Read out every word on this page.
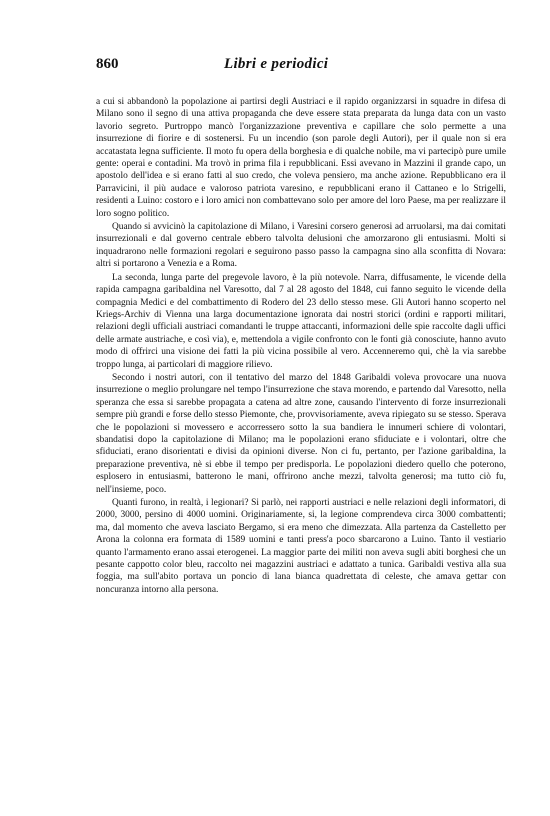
860	Libri e periodici

a cui si abbandonò la popolazione ai partirsi degli Austriaci e il rapido organizzarsi in squadre in difesa di Milano sono il segno di una attiva propaganda che deve essere stata preparata da lunga data con un vasto lavorio segreto. Purtroppo mancò l'organizzazione preventiva e capillare che solo permette a una insurrezione di fiorire e di sostenersi. Fu un incendio (son parole degli Autori), per il quale non si era accatastata legna sufficiente. Il moto fu opera della borghesia e di qualche nobile, ma vi partecipò pure umile gente: operai e contadini. Ma trovò in prima fila i repubblicani. Essi avevano in Mazzini il grande capo, un apostolo dell'idea e si erano fatti al suo credo, che voleva pensiero, ma anche azione. Repubblicano era il Parravicini, il più audace e valoroso patriota varesino, e repubblicani erano il Cattaneo e lo Strigelli, residenti a Luino: costoro e i loro amici non combattevano solo per amore del loro Paese, ma per realizzare il loro sogno politico.

Quando si avvicinò la capitolazione di Milano, i Varesini corsero generosi ad arruolarsi, ma dai comitati insurrezionali e dal governo centrale ebbero talvolta delusioni che amorzarono gli entusiasmi. Molti si inquadrarono nelle formazioni regolari e seguirono passo passo la campagna sino alla sconfitta di Novara: altri si portarono a Venezia e a Roma.

La seconda, lunga parte del pregevole lavoro, è la più notevole. Narra, diffusamente, le vicende della rapida campagna garibaldina nel Varesotto, dal 7 al 28 agosto del 1848, cui fanno seguito le vicende della compagnia Medici e del combattimento di Rodero del 23 dello stesso mese. Gli Autori hanno scoperto nel Kriegs-Archiv di Vienna una larga documentazione ignorata dai nostri storici (ordini e rapporti militari, relazioni degli ufficiali austriaci comandanti le truppe attaccanti, informazioni delle spie raccolte dagli uffici delle armate austriache, e così via), e, mettendola a vigile confronto con le fonti già conosciute, hanno avuto modo di offrirci una visione dei fatti la più vicina possibile al vero. Accenneremo qui, chè la via sarebbe troppo lunga, ai particolari di maggiore rilievo.

Secondo i nostri autori, con il tentativo del marzo del 1848 Garibaldi voleva provocare una nuova insurrezione o meglio prolungare nel tempo l'insurrezione che stava morendo, e partendo dal Varesotto, nella speranza che essa si sarebbe propagata a catena ad altre zone, causando l'intervento di forze insurrezionali sempre più grandi e forse dello stesso Piemonte, che, provvisoriamente, aveva ripiegato su se stesso. Sperava che le popolazioni si movessero e accorressero sotto la sua bandiera le innumeri schiere di volontari, sbandatisi dopo la capitolazione di Milano; ma le popolazioni erano sfiduciate e i volontari, oltre che sfiduciati, erano disorientati e divisi da opinioni diverse. Non ci fu, pertanto, per l'azione garibaldina, la preparazione preventiva, nè si ebbe il tempo per predisporla. Le popolazioni diedero quello che poterono, esplosero in entusiasmi, batterono le mani, offrirono anche mezzi, talvolta generosi; ma tutto ciò fu, nell'insieme, poco.

Quanti furono, in realtà, i legionari? Si parlò, nei rapporti austriaci e nelle relazioni degli informatori, di 2000, 3000, persino di 4000 uomini. Originariamente, si, la legione comprendeva circa 3000 combattenti; ma, dal momento che aveva lasciato Bergamo, si era meno che dimezzata. Alla partenza da Castelletto per Arona la colonna era formata di 1589 uomini e tanti press'a poco sbarcarono a Luino. Tanto il vestiario quanto l'armamento erano assai eterogenei. La maggior parte dei militi non aveva sugli abiti borghesi che un pesante cappotto color bleu, raccolto nei magazzini austriaci e adattato a tunica. Garibaldi vestiva alla sua foggia, ma sull'abito portava un poncio di lana bianca quadrettata di celeste, che amava gettar con noncuranza intorno alla persona.
